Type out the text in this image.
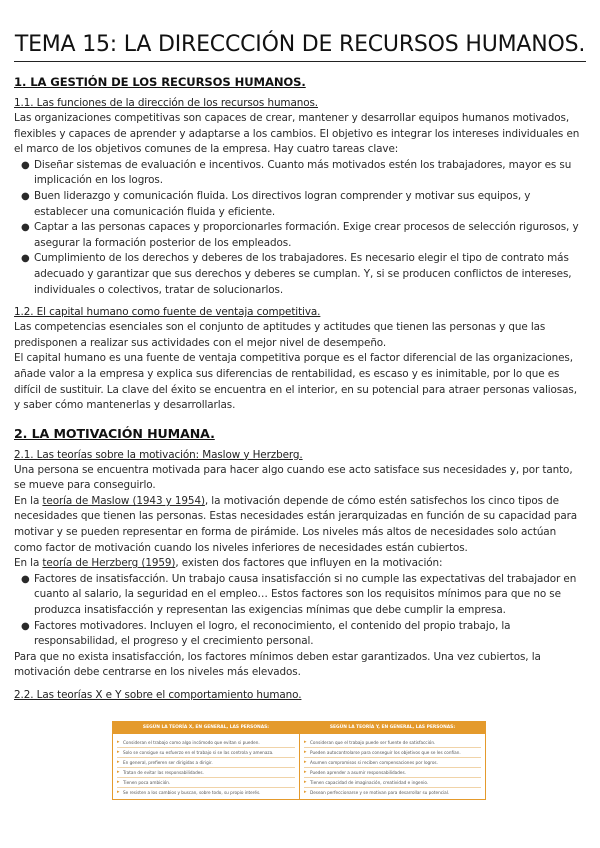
TEMA 15: LA DIRECCCIÓN DE RECURSOS HUMANOS.
1. LA GESTIÓN DE LOS RECURSOS HUMANOS.
1.1. Las funciones de la dirección de los recursos humanos.

Las organizaciones competitivas son capaces de crear, mantener y desarrollar equipos humanos motivados, flexibles y capaces de aprender y adaptarse a los cambios. El objetivo es integrar los intereses individuales en el marco de los objetivos comunes de la empresa. Hay cuatro tareas clave:

● Diseñar sistemas de evaluación e incentivos. Cuanto más motivados estén los trabajadores, mayor es su implicación en los logros.
● Buen liderazgo y comunicación fluida. Los directivos logran comprender y motivar sus equipos, y establecer una comunicación fluida y eficiente.
● Captar a las personas capaces y proporcionarles formación. Exige crear procesos de selección rigurosos, y asegurar la formación posterior de los empleados.
● Cumplimiento de los derechos y deberes de los trabajadores. Es necesario elegir el tipo de contrato más adecuado y garantizar que sus derechos y deberes se cumplan. Y, si se producen conflictos de intereses, individuales o colectivos, tratar de solucionarlos.
1.2. El capital humano como fuente de ventaja competitiva.

Las competencias esenciales son el conjunto de aptitudes y actitudes que tienen las personas y que las predisponen a realizar sus actividades con el mejor nivel de desempeño.

El capital humano es una fuente de ventaja competitiva porque es el factor diferencial de las organizaciones, añade valor a la empresa y explica sus diferencias de rentabilidad, es escaso y es inimitable, por lo que es difícil de sustituir. La clave del éxito se encuentra en el interior, en su potencial para atraer personas valiosas, y saber cómo mantenerlas y desarrollarlas.

2. LA MOTIVACIÓN HUMANA.
2.1. Las teorías sobre la motivación: Maslow y Herzberg.

Una persona se encuentra motivada para hacer algo cuando ese acto satisface sus necesidades y, por tanto, se mueve para conseguirlo.

En la teoría de Maslow (1943 y 1954), la motivación depende de cómo estén satisfechos los cinco tipos de necesidades que tienen las personas. Estas necesidades están jerarquizadas en función de su capacidad para motivar y se pueden representar en forma de pirámide. Los niveles más altos de necesidades solo actúan como factor de motivación cuando los niveles inferiores de necesidades están cubiertos.

En la teoría de Herzberg (1959), existen dos factores que influyen en la motivación:

● Factores de insatisfacción. Un trabajo causa insatisfacción si no cumple las expectativas del trabajador en cuanto al salario, la seguridad en el empleo… Estos factores son los requisitos mínimos para que no se produzca insatisfacción y representan las exigencias mínimas que debe cumplir la empresa.
● Factores motivadores. Incluyen el logro, el reconocimiento, el contenido del propio trabajo, la responsabilidad, el progreso y el crecimiento personal.

Para que no exista insatisfacción, los factores mínimos deben estar garantizados. Una vez cubiertos, la motivación debe centrarse en los niveles más elevados.

2.2. Las teorías X e Y sobre el comportamiento humano.
SEGÚN LA TEORÍA X, EN GENERAL, LAS PERSONAS:
▸ Consideran el trabajo como algo incómodo que evitan si pueden.
▸ Solo se consigue su esfuerzo en el trabajo si se las controla y amenaza.
▸ En general, prefieren ser dirigidas a dirigir.
▸ Tratan de evitar las responsabilidades.
▸ Tienen poca ambición.
▸ Se resisten a los cambios y buscan, sobre todo, su propio interés.
SEGÚN LA TEORÍA Y, EN GENERAL, LAS PERSONAS:
▸ Consideran que el trabajo puede ser fuente de satisfacción.
▸ Pueden autocontrolarse para conseguir los objetivos que se les confían.
▸ Asumen compromisos si reciben compensaciones por logros.
▸ Pueden aprender a asumir responsabilidades.
▸ Tienen capacidad de imaginación, creatividad e ingenio.
▸ Desean perfeccionarse y se motivan para desarrollar su potencial.
